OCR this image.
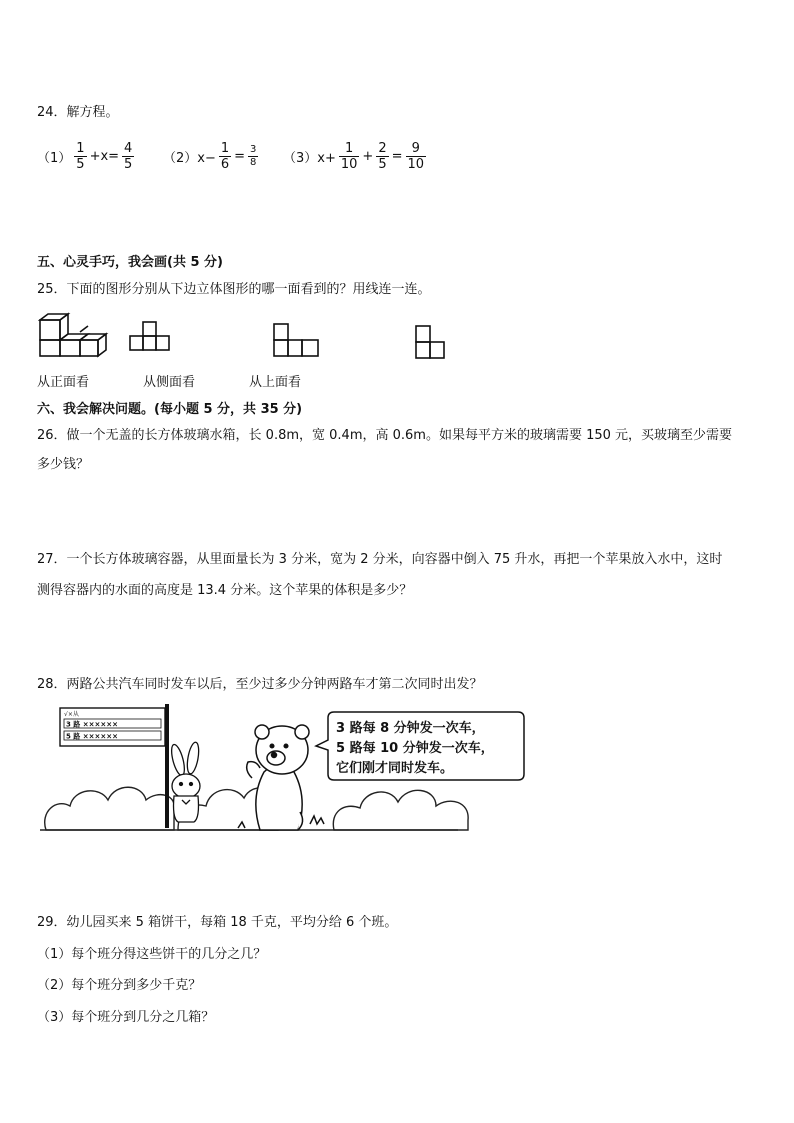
24．解方程。
$(1) \frac{1}{5} +x= \frac{4}{5} (2)x- \frac{1}{6} = \frac{3}{8} (3)x+ \frac{1}{10} + \frac{2}{5} = \frac{9}{10}$
五、心灵手巧，我会画(共 5 分)
25．下面的图形分别从下边立体图形的哪一面看到的？用线连一连。
从正面看	从侧面看	从上面看
六、我会解决问题。(每小题 5 分，共 35 分)
26．做一个无盖的长方体玻璃水箱，长 0.8m，宽 0.4m，高 0.6m。如果每平方米的玻璃需要 150 元，买玻璃至少需要
多少钱？
27．一个长方体玻璃容器，从里面量长为 3 分米，宽为 2 分米，向容器中倒入 75 升水，再把一个苹果放入水中，这时
测得容器内的水面的高度是 13.4 分米。这个苹果的体积是多少？
28．两路公共汽车同时发车以后，至少过多少分钟两路车才第二次同时出发？
√×从
3 路 ××××××
5 路 ××××××
3 路每 8 分钟发一次车，
5 路每 10 分钟发一次车，
它们刚才同时发车。
29．幼儿园买来 5 箱饼干，每箱 18 千克，平均分给 6 个班。
（1）每个班分得这些饼干的几分之几？
（2）每个班分到多少千克？
（3）每个班分到几分之几箱？
